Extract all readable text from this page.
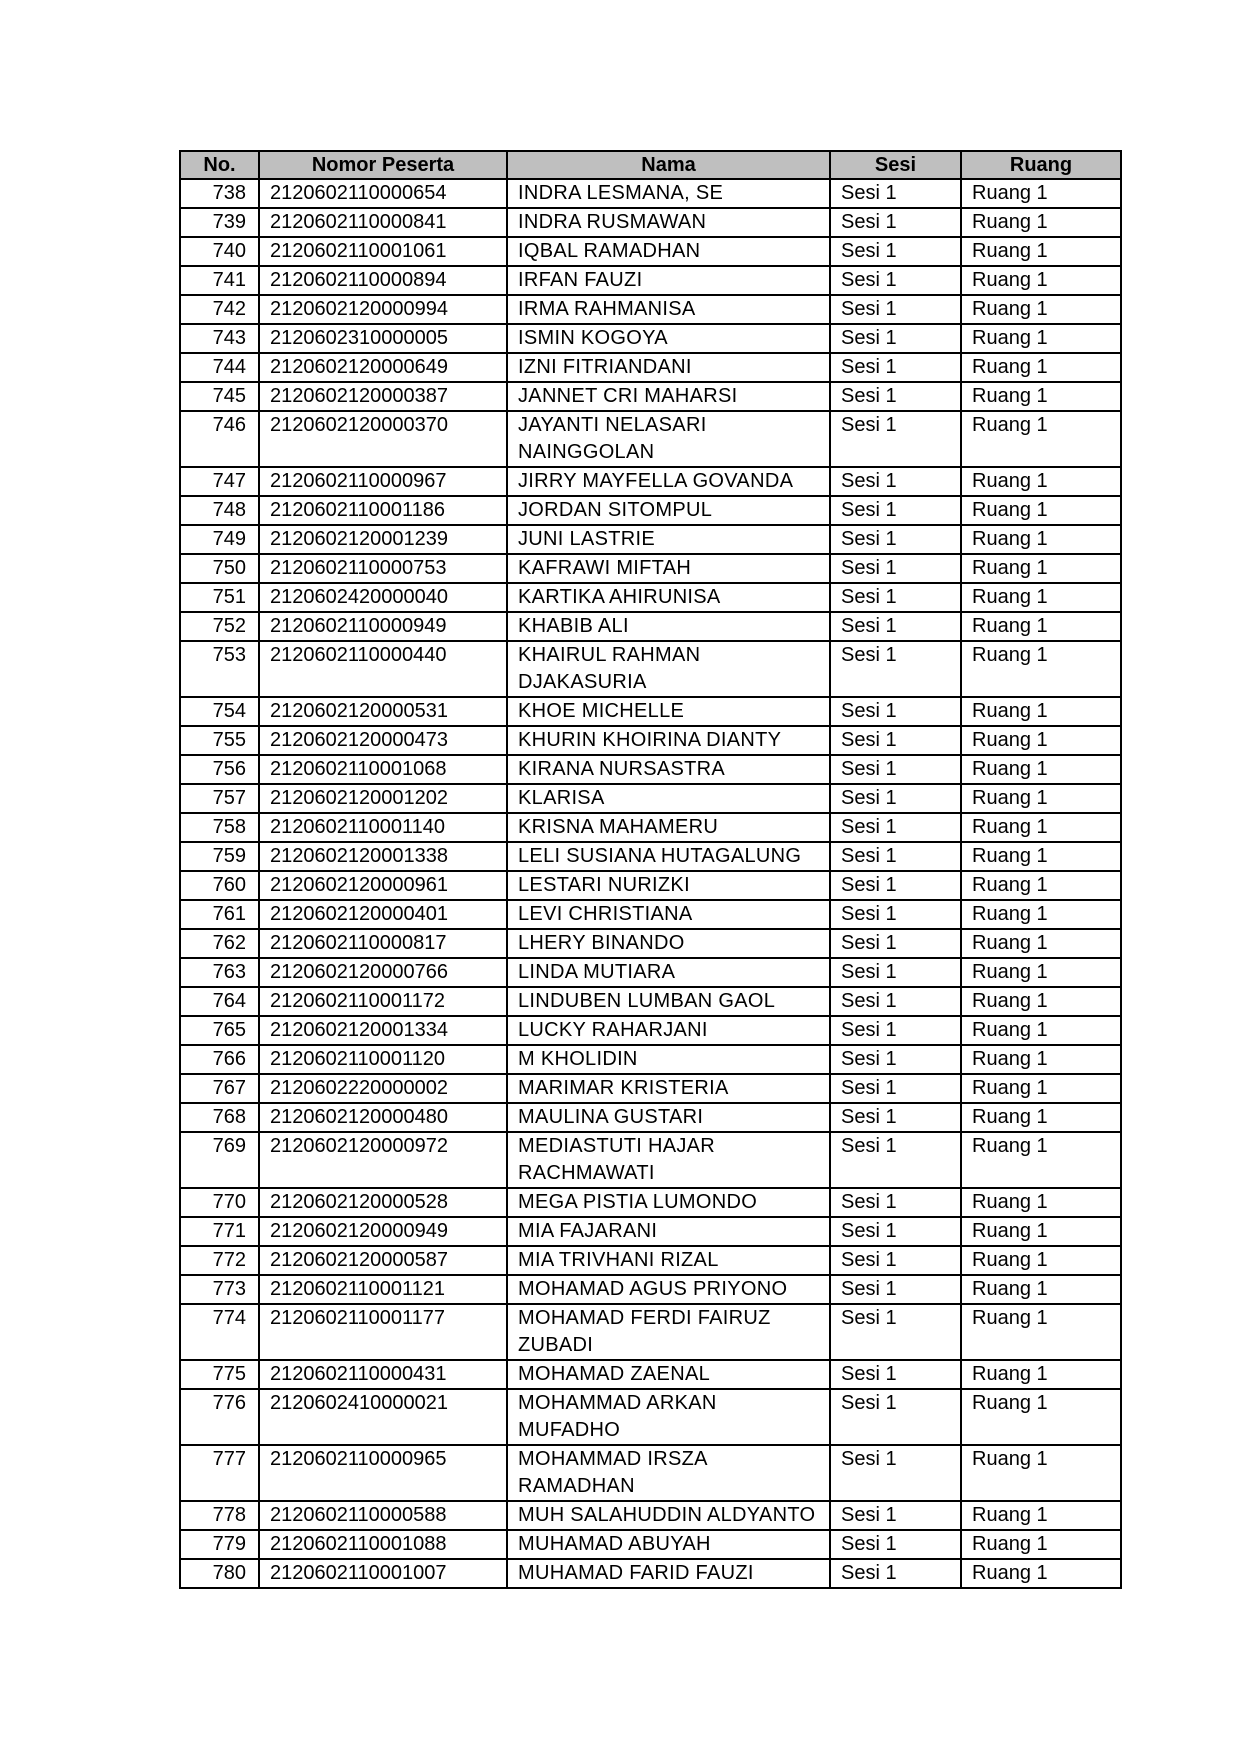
No.	Nomor Peserta	Nama	Sesi	Ruang
738	2120602110000654	INDRA LESMANA, SE	Sesi 1	Ruang 1
739	2120602110000841	INDRA RUSMAWAN	Sesi 1	Ruang 1
740	2120602110001061	IQBAL RAMADHAN	Sesi 1	Ruang 1
741	2120602110000894	IRFAN FAUZI	Sesi 1	Ruang 1
742	2120602120000994	IRMA RAHMANISA	Sesi 1	Ruang 1
743	2120602310000005	ISMIN KOGOYA	Sesi 1	Ruang 1
744	2120602120000649	IZNI FITRIANDANI	Sesi 1	Ruang 1
745	2120602120000387	JANNET CRI MAHARSI	Sesi 1	Ruang 1
746	2120602120000370	JAYANTI NELASARI NAINGGOLAN	Sesi 1	Ruang 1
747	2120602110000967	JIRRY MAYFELLA GOVANDA	Sesi 1	Ruang 1
748	2120602110001186	JORDAN SITOMPUL	Sesi 1	Ruang 1
749	2120602120001239	JUNI LASTRIE	Sesi 1	Ruang 1
750	2120602110000753	KAFRAWI MIFTAH	Sesi 1	Ruang 1
751	2120602420000040	KARTIKA AHIRUNISA	Sesi 1	Ruang 1
752	2120602110000949	KHABIB ALI	Sesi 1	Ruang 1
753	2120602110000440	KHAIRUL RAHMAN DJAKASURIA	Sesi 1	Ruang 1
754	2120602120000531	KHOE MICHELLE	Sesi 1	Ruang 1
755	2120602120000473	KHURIN KHOIRINA DIANTY	Sesi 1	Ruang 1
756	2120602110001068	KIRANA NURSASTRA	Sesi 1	Ruang 1
757	2120602120001202	KLARISA	Sesi 1	Ruang 1
758	2120602110001140	KRISNA MAHAMERU	Sesi 1	Ruang 1
759	2120602120001338	LELI SUSIANA HUTAGALUNG	Sesi 1	Ruang 1
760	2120602120000961	LESTARI NURIZKI	Sesi 1	Ruang 1
761	2120602120000401	LEVI CHRISTIANA	Sesi 1	Ruang 1
762	2120602110000817	LHERY BINANDO	Sesi 1	Ruang 1
763	2120602120000766	LINDA MUTIARA	Sesi 1	Ruang 1
764	2120602110001172	LINDUBEN LUMBAN GAOL	Sesi 1	Ruang 1
765	2120602120001334	LUCKY RAHARJANI	Sesi 1	Ruang 1
766	2120602110001120	M KHOLIDIN	Sesi 1	Ruang 1
767	2120602220000002	MARIMAR KRISTERIA	Sesi 1	Ruang 1
768	2120602120000480	MAULINA GUSTARI	Sesi 1	Ruang 1
769	2120602120000972	MEDIASTUTI HAJAR RACHMAWATI	Sesi 1	Ruang 1
770	2120602120000528	MEGA PISTIA LUMONDO	Sesi 1	Ruang 1
771	2120602120000949	MIA FAJARANI	Sesi 1	Ruang 1
772	2120602120000587	MIA TRIVHANI RIZAL	Sesi 1	Ruang 1
773	2120602110001121	MOHAMAD AGUS PRIYONO	Sesi 1	Ruang 1
774	2120602110001177	MOHAMAD FERDI FAIRUZ ZUBADI	Sesi 1	Ruang 1
775	2120602110000431	MOHAMAD ZAENAL	Sesi 1	Ruang 1
776	2120602410000021	MOHAMMAD ARKAN MUFADHO	Sesi 1	Ruang 1
777	2120602110000965	MOHAMMAD IRSZA RAMADHAN	Sesi 1	Ruang 1
778	2120602110000588	MUH SALAHUDDIN ALDYANTO	Sesi 1	Ruang 1
779	2120602110001088	MUHAMAD ABUYAH	Sesi 1	Ruang 1
780	2120602110001007	MUHAMAD FARID FAUZI	Sesi 1	Ruang 1
